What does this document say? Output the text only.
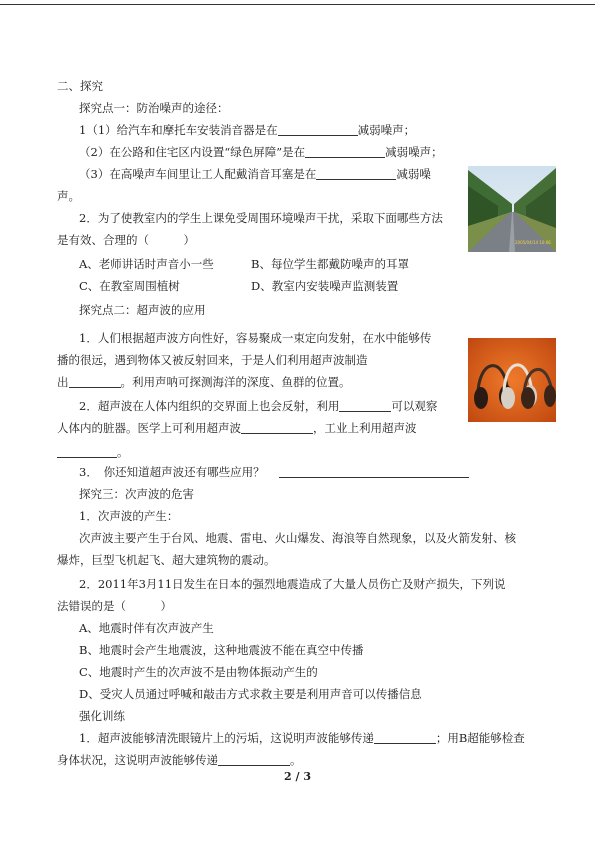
二、探究
探究点一：防治噪声的途径：
1（1）给汽车和摩托车安装消音器是在	减弱噪声；
（2）在公路和住宅区内设置“绿色屏障”是在	减弱噪声；
（3）在高噪声车间里让工人配戴消音耳塞是在	减弱噪
声。
2．为了使教室内的学生上课免受周围环境噪声干扰，采取下面哪些方法
是有效、合理的（　　　）
A、老师讲话时声音小一些	B、每位学生都戴防噪声的耳罩
C、在教室周围植树	D、教室内安装噪声监测装置
2005/04/14 10:06
探究点二：超声波的应用
1．人们根据超声波方向性好，容易聚成一束定向发射，在水中能够传
播的很远，遇到物体又被反射回来，于是人们利用超声波制造
出	。利用声呐可探测海洋的深度、鱼群的位置。
2．超声波在人体内组织的交界面上也会反射，利用	可以观察
人体内的脏器。医学上可利用超声波	，工业上利用超声波
。
3．　你还知道超声波还有哪些应用？
探究三：次声波的危害
1．次声波的产生：
次声波主要产生于台风、地震、雷电、火山爆发、海浪等自然现象，以及火箭发射、核
爆炸，巨型飞机起飞、超大建筑物的震动。
2．2011年3月11日发生在日本的强烈地震造成了大量人员伤亡及财产损失，下列说
法错误的是（　　　）
A、地震时伴有次声波产生
B、地震时会产生地震波，这种地震波不能在真空中传播
C、地震时产生的次声波不是由物体振动产生的
D、受灾人员通过呼喊和敲击方式求救主要是利用声音可以传播信息
强化训练
1．超声波能够清洗眼镜片上的污垢，这说明声波能够传递	；用B超能够检查
身体状况，这说明声波能够传递	。
2 / 3
